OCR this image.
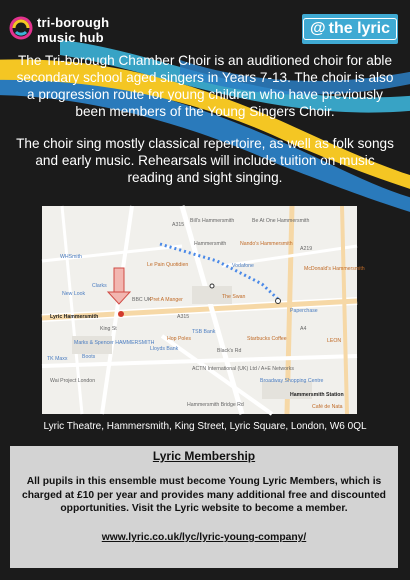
tri-borough
music hub
@ the lyric
The Tri-borough Chamber Choir is an auditioned choir for able secondary school aged singers in Years 7-13. The choir is also a progression route for young children who have previously been members of the Young Singers Choir.
The choir sing mostly classical repertoire, as well as folk songs and early music. Rehearsals will include tuition on music reading and sight singing.
Bill's Hammersmith	Be At One Hammersmith
Hammersmith	Nando's Hammersmith
WHSmith
Le Pain Quotidien	Vodafone	McDonald's Hammersmith
Clarks
New Look
BBC UK
Pret A Manger	The Swan
Paperchase
Lyric Hammersmith
King St
A315
TSB Bank
Hop Poles	Starbucks Coffee
Marks & Spencer HAMMERSMITH
Lloyds Bank
Boots
Black's Rd
LEON
TK Maxx
Wai Project London
ACTN International (UK) Ltd / A+E Networks
Broadway Shopping Centre
Hammersmith Station
Café de Nata
Hammersmith Bridge Rd
A219
A315
A4
Lyric Theatre, Hammersmith, King Street, Lyric Square, London, W6 0QL
Lyric Membership
All pupils in this ensemble must become Young Lyric Members, which is charged at £10 per year and provides many additional free and discounted opportunities. Visit the Lyric website to become a member.
www.lyric.co.uk/lyc/lyric-young-company/
